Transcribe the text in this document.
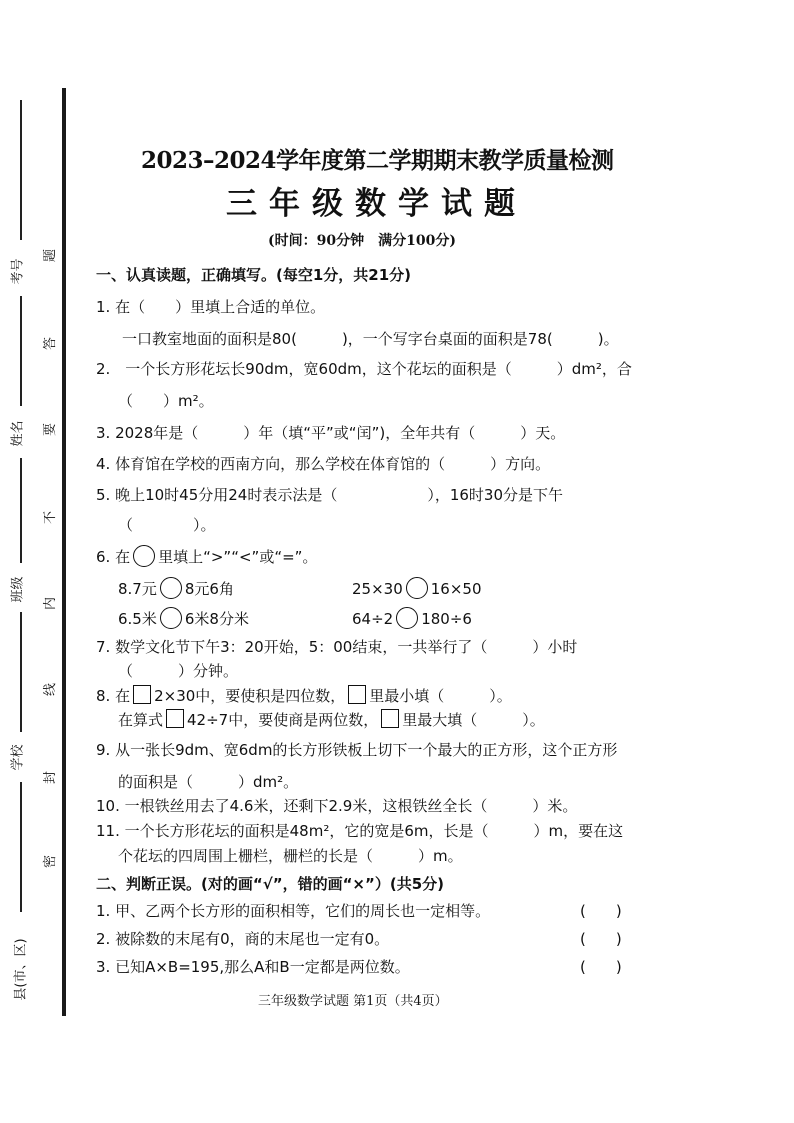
考号
姓名
班级
学校
县(市、区)
题
答
要
不
内
线
封
密
2023–2024学年度第二学期期末教学质量检测
三年级数学试题
(时间：90分钟　满分100分)
一、认真读题，正确填写。(每空1分，共21分)
1. 在（　　）里填上合适的单位。
一口教室地面的面积是80(　　　)，一个写字台桌面的面积是78(　　　)。
2.　一个长方形花坛长90dm，宽60dm，这个花坛的面积是（　　　）dm²，合
（　　）m²。
3. 2028年是（　　　）年（填“平”或“闰”)，全年共有（　　　）天。
4. 体育馆在学校的西南方向，那么学校在体育馆的（　　　）方向。
5. 晚上10时45分用24时表示法是（　　　　　　），16时30分是下午
（　　　　）。
6. 在 里填上“>”“<”或“=”。
8.7元 8元6角	25×30 16×50
6.5米 6米8分米	64÷2 180÷6
7. 数学文化节下午3：20开始，5：00结束，一共举行了（　　　）小时
（　　　）分钟。
8. 在 2×30中，要使积是四位数， 里最小填（　　　）。
在算式 42÷7中，要使商是两位数， 里最大填（　　　）。
9. 从一张长9dm、宽6dm的长方形铁板上切下一个最大的正方形，这个正方形
的面积是（　　　）dm²。
10. 一根铁丝用去了4.6米，还剩下2.9米，这根铁丝全长（　　　）米。
11. 一个长方形花坛的面积是48m²，它的宽是6m，长是（　　　）m，要在这
个花坛的四周围上栅栏，栅栏的长是（　　　）m。
二、判断正误。(对的画“√”，错的画“×”）(共5分)
1. 甲、乙两个长方形的面积相等，它们的周长也一定相等。	(　　)
2. 被除数的末尾有0，商的末尾也一定有0。	(　　)
3. 已知A×B=195,那么A和B一定都是两位数。	(　　)
三年级数学试题 第1页（共4页）
